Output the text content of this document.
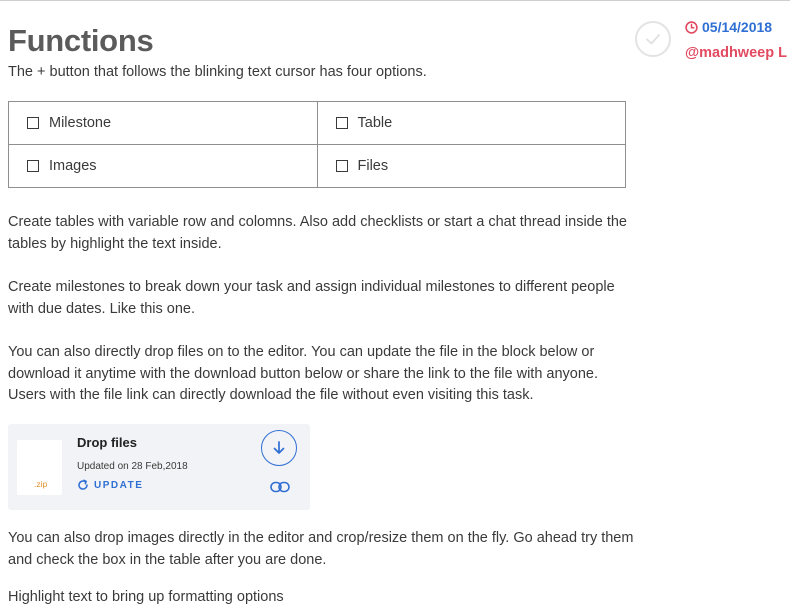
Functions
The + button that follows the blinking text cursor has four options.
05/14/2018
@madhweep L
Milestone	Table

Images	Files

Create tables with variable row and colomns. Also add checklists or start a chat thread inside the tables by highlight the text inside.

Create milestones to break down your task and assign individual milestones to different people with due dates. Like this one.

You can also directly drop files on to the editor. You can update the file in the block below or download it anytime with the download button below or share the link to the file with anyone. Users with the file link can directly download the file without even visiting this task.

.zip
Drop files
Updated on 28 Feb,2018
UPDATE

You can also drop images directly in the editor and crop/resize them on the fly. Go ahead try them and check the box in the table after you are done.

Highlight text to bring up formatting options
